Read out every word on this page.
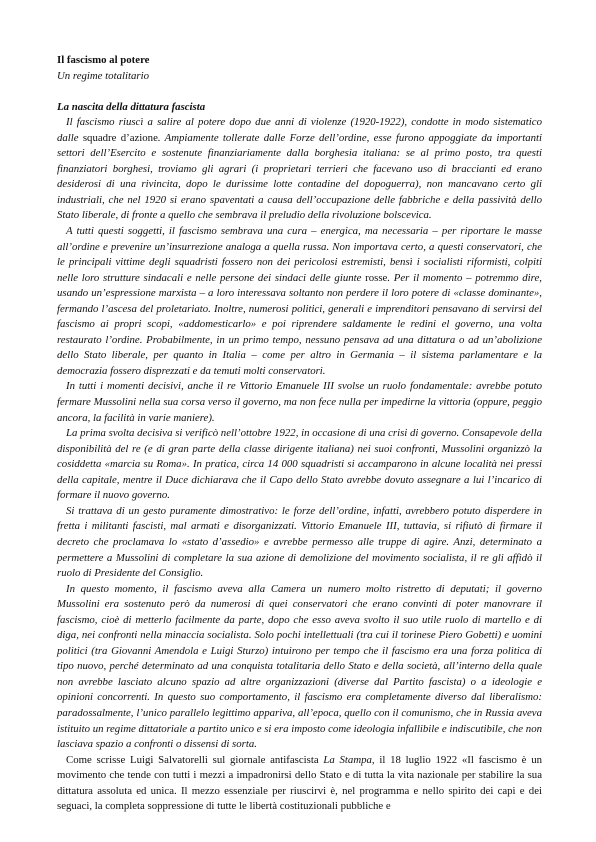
Il fascismo al potere

Un regime totalitario

La nascita della dittatura fascista

Il fascismo riuscì a salire al potere dopo due anni di violenze (1920-1922), condotte in modo sistematico dalle squadre d’azione. Ampiamente tollerate dalle Forze dell’ordine, esse furono appoggiate da importanti settori dell’Esercito e sostenute finanziariamente dalla borghesia italiana: se al primo posto, tra questi finanziatori borghesi, troviamo gli agrari (i proprietari terrieri che facevano uso di braccianti ed erano desiderosi di una rivincita, dopo le durissime lotte contadine del dopoguerra), non mancavano certo gli industriali, che nel 1920 si erano spaventati a causa dell’occupazione delle fabbriche e della passività dello Stato liberale, di fronte a quello che sembrava il preludio della rivoluzione bolscevica.

A tutti questi soggetti, il fascismo sembrava una cura – energica, ma necessaria – per riportare le masse all’ordine e prevenire un’insurrezione analoga a quella russa. Non importava certo, a questi conservatori, che le principali vittime degli squadristi fossero non dei pericolosi estremisti, bensì i socialisti riformisti, colpiti nelle loro strutture sindacali e nelle persone dei sindaci delle giunte rosse. Per il momento – potremmo dire, usando un’espressione marxista – a loro interessava soltanto non perdere il loro potere di «classe dominante», fermando l’ascesa del proletariato. Inoltre, numerosi politici, generali e imprenditori pensavano di servirsi del fascismo ai propri scopi, «addomesticarlo» e poi riprendere saldamente le redini el governo, una volta restaurato l’ordine. Probabilmente, in un primo tempo, nessuno pensava ad una dittatura o ad un’abolizione dello Stato liberale, per quanto in Italia – come per altro in Germania – il sistema parlamentare e la democrazia fossero disprezzati e da temuti molti conservatori.

In tutti i momenti decisivi, anche il re Vittorio Emanuele III svolse un ruolo fondamentale: avrebbe potuto fermare Mussolini nella sua corsa verso il governo, ma non fece nulla per impedirne la vittoria (oppure, peggio ancora, la facilità in varie maniere).

La prima svolta decisiva si verificò nell’ottobre 1922, in occasione di una crisi di governo. Consapevole della disponibilità del re (e di gran parte della classe dirigente italiana) nei suoi confronti, Mussolini organizzò la cosiddetta «marcia su Roma». In pratica, circa 14 000 squadristi si accamparono in alcune località nei pressi della capitale, mentre il Duce dichiarava che il Capo dello Stato avrebbe dovuto assegnare a lui l’incarico di formare il nuovo governo.

Si trattava di un gesto puramente dimostrativo: le forze dell’ordine, infatti, avrebbero potuto disperdere in fretta i militanti fascisti, mal armati e disorganizzati. Vittorio Emanuele III, tuttavia, si rifiutò di firmare il decreto che proclamava lo «stato d’assedio» e avrebbe permesso alle truppe di agire. Anzi, determinato a permettere a Mussolini di completare la sua azione di demolizione del movimento socialista, il re gli affidò il ruolo di Presidente del Consiglio.

In questo momento, il fascismo aveva alla Camera un numero molto ristretto di deputati; il governo Mussolini era sostenuto però da numerosi di quei conservatori che erano convinti di poter manovrare il fascismo, cioè di metterlo facilmente da parte, dopo che esso aveva svolto il suo utile ruolo di martello e di diga, nei confronti nella minaccia socialista. Solo pochi intellettuali (tra cui il torinese Piero Gobetti) e uomini politici (tra Giovanni Amendola e Luigi Sturzo) intuirono per tempo che il fascismo era una forza politica di tipo nuovo, perché determinato ad una conquista totalitaria dello Stato e della società, all’interno della quale non avrebbe lasciato alcuno spazio ad altre organizzazioni (diverse dal Partito fascista) o a ideologie e opinioni concorrenti. In questo suo comportamento, il fascismo era completamente diverso dal liberalismo: paradossalmente, l’unico parallelo legittimo appariva, all’epoca, quello con il comunismo, che in Russia aveva istituito un regime dittatoriale a partito unico e si era imposto come ideologia infallibile e indiscutibile, che non lasciava spazio a confronti o dissensi di sorta.

Come scrisse Luigi Salvatorelli sul giornale antifascista La Stampa, il 18 luglio 1922 «Il fascismo è un movimento che tende con tutti i mezzi a impadronirsi dello Stato e di tutta la vita nazionale per stabilire la sua dittatura assoluta ed unica. Il mezzo essenziale per riuscirvi è, nel programma e nello spirito dei capi e dei seguaci, la completa soppressione di tutte le libertà costituzionali pubbliche e
